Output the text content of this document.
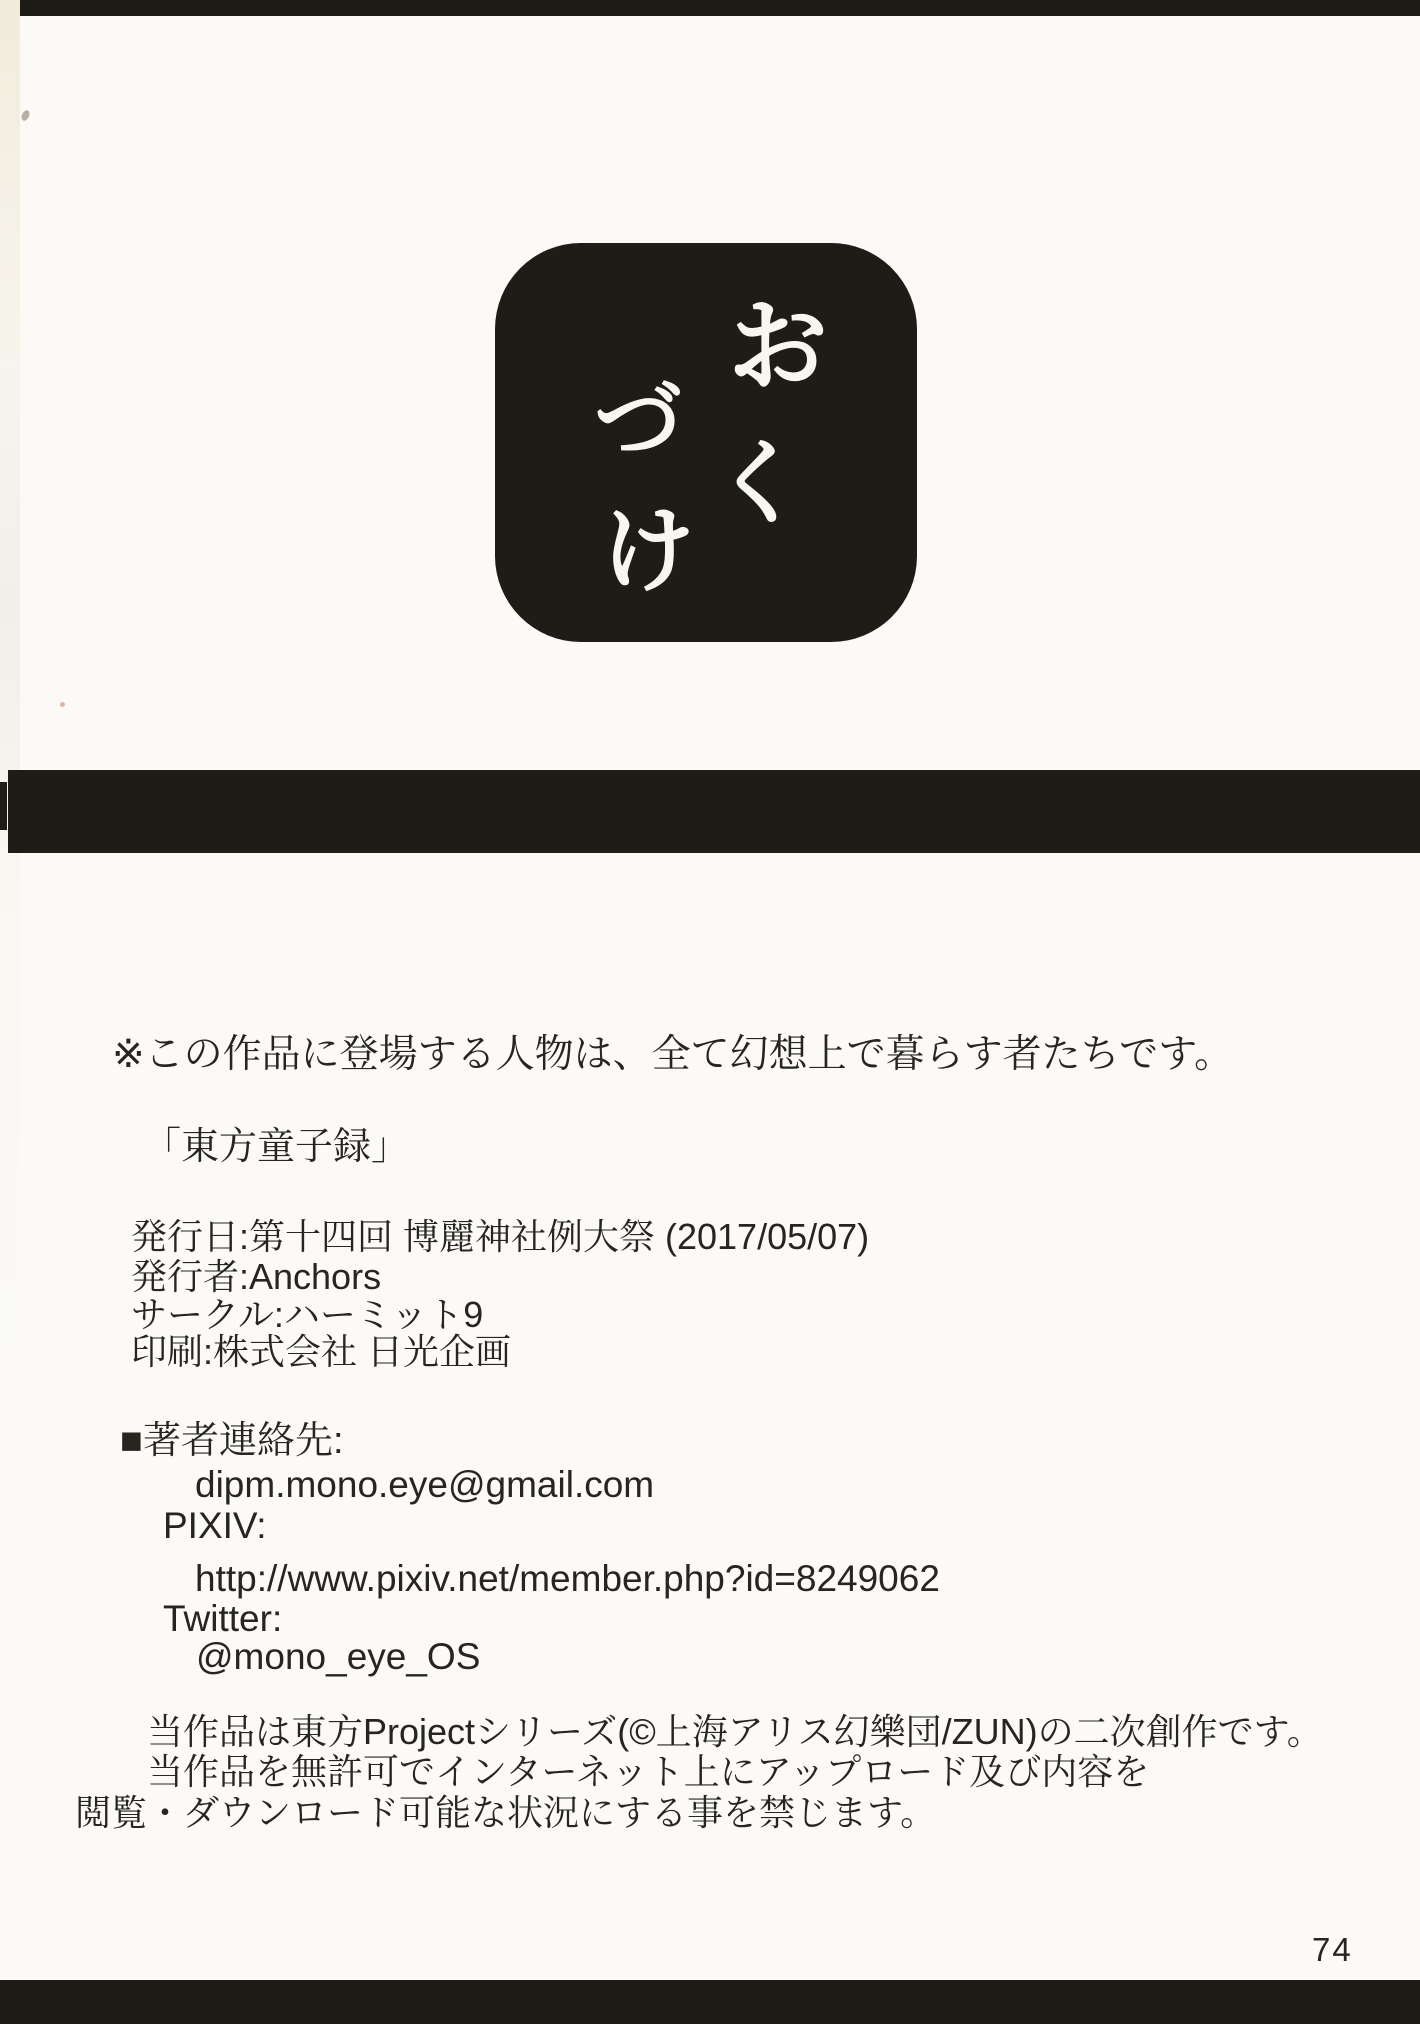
お
く
づ
け
※この作品に登場する人物は、全て幻想上で暮らす者たちです。
「東方童子録」
発行日:第十四回 博麗神社例大祭 (2017/05/07)
発行者:Anchors
サークル:ハーミット9
印刷:株式会社 日光企画
■著者連絡先:
dipm.mono.eye@gmail.com
PIXIV:
http://www.pixiv.net/member.php?id=8249062
Twitter:
@mono_eye_OS
当作品は東方Projectシリーズ(©上海アリス幻樂団/ZUN)の二次創作です。
当作品を無許可でインターネット上にアップロード及び内容を
閲覧・ダウンロード可能な状況にする事を禁じます。
74
